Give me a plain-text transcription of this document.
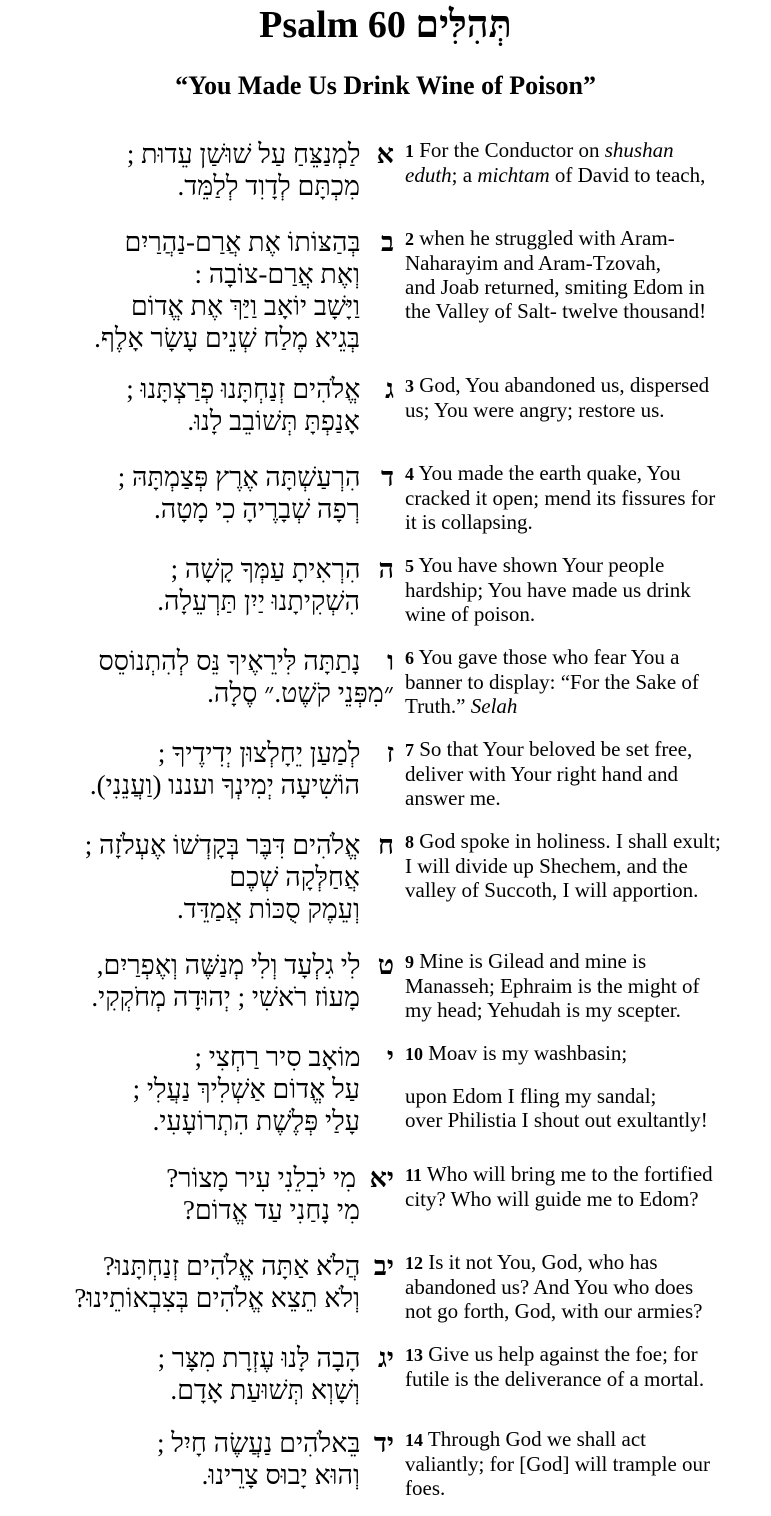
Psalm 60 תְּהִלִּים
“You Made Us Drink Wine of Poison”
א  לַמְנַצֵּחַ עַל שׁוּשַׁן עֵדוּת ;
מִכְתָּם לְדָוִד לְלַמֵּד.
1 For the Conductor on shushan
eduth; a michtam of David to teach,
ב  בְּהַצּוֹתוֹ אֶת אֲרַם-נַהֲרַיִם
וְאֶת אֲרַם-צוֹבָה :
וַיָּשָׁב יוֹאָב וַיַּךְ אֶת אֱדוֹם
בְּגֵיא מֶלַח שְׁנֵים עָשָׂר אָלֶף.
2 when he struggled with Aram-
Naharayim and Aram-Tzovah,
and Joab returned, smiting Edom in
the Valley of Salt- twelve thousand!
ג  אֱלֹהִים זְנַחְתָּנוּ פְרַצְתָּנוּ ;
אָנַפְתָּ תְּשׁוֹבֵב לָנוּ.
3 God, You abandoned us, dispersed
us; You were angry; restore us.
ד  הִרְעַשְׁתָּה אֶרֶץ פְּצַמְתָּהּ ;
רְפָה שְׁבָרֶיהָ כִי מָטָה.
4 You made the earth quake, You
cracked it open; mend its fissures for
it is collapsing.
ה  הִרְאִיתָ עַמְּךָ קָשָׁה ;
הִשְׁקִיתָנוּ יַיִן תַּרְעֵלָה.
5 You have shown Your people
hardship; You have made us drink
wine of poison.
ו  נָתַתָּה לִּירֵאֶיךָ נֵּס לְהִתְנוֹסֵס
״מִפְּנֵי קֹשֶׁט.״ סֶלָה.
6 You gave those who fear You a
banner to display: “For the Sake of
Truth.” Selah
ז  לְמַעַן יֵחָלְצוּן יְדִידֶיךָ ;
הוֹשִׁיעָה יְמִינְךָ ועננו (וַעֲנֵנִי).
7 So that Your beloved be set free,
deliver with Your right hand and
answer me.
ח  אֱלֹהִים דִּבֶּר בְּקָדְשׁוֹ אֶעְלֹזָה ;
אֲחַלְּקָה שְׁכֶם
וְעֵמֶק סֻכּוֹת אֲמַדֵּד.
8 God spoke in holiness. I shall exult;
I will divide up Shechem, and the
valley of Succoth, I will apportion.
ט  לִי גִלְעָד וְלִי מְנַשֶּׁה וְאֶפְרַיִם,
מָעוֹז רֹאשִׁי ; יְהוּדָה מְחֹקְקִי.
9 Mine is Gilead and mine is
Manasseh; Ephraim is the might of
my head; Yehudah is my scepter.
י  מוֹאָב סִיר רַחְצִי ;
עַל אֱדוֹם אַשְׁלִיךְ נַעֲלִי ;
עָלַי פְּלֶשֶׁת הִתְרוֹעָעִי.
10 Moav is my washbasin;
upon Edom I fling my sandal;
over Philistia I shout out exultantly!
יא  מִי יֹבִלֵנִי עִיר מָצוֹר?
מִי נָחַנִי עַד אֱדוֹם?
11 Who will bring me to the fortified
city? Who will guide me to Edom?
יב  הֲלֹא אַתָּה אֱלֹהִים זְנַחְתָּנוּ?
וְלֹא תֵצֵא אֱלֹהִים בְּצִבְאוֹתֵינוּ?
12 Is it not You, God, who has
abandoned us? And You who does
not go forth, God, with our armies?
יג  הָבָה לָּנוּ עֶזְרָת מִצָּר ;
וְשָׁוְא תְּשׁוּעַת אָדָם.
13 Give us help against the foe; for
futile is the deliverance of a mortal.
יד  בֵּאלֹהִים נַעֲשֶׂה חָיִל ;
וְהוּא יָבוּס צָרֵינוּ.
14 Through God we shall act
valiantly; for [God] will trample our
foes.
